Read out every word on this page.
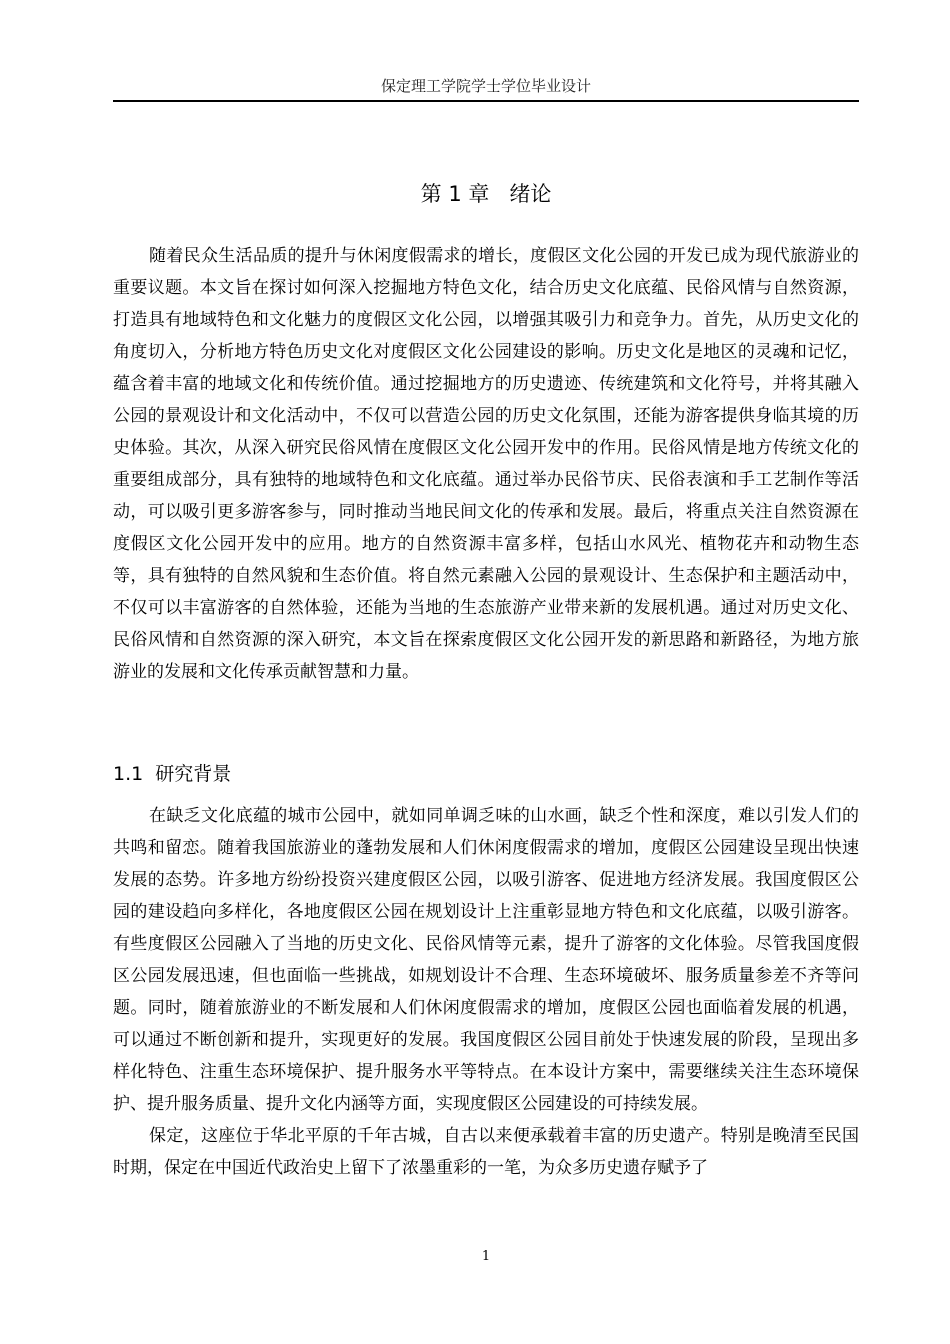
保定理工学院学士学位毕业设计
第 1 章 绪论

随着民众生活品质的提升与休闲度假需求的增长，度假区文化公园的开发已成为现代旅游业的重要议题。本文旨在探讨如何深入挖掘地方特色文化，结合历史文化底蕴、民俗风情与自然资源，打造具有地域特色和文化魅力的度假区文化公园，以增强其吸引力和竞争力。首先，从历史文化的角度切入，分析地方特色历史文化对度假区文化公园建设的影响。历史文化是地区的灵魂和记忆，蕴含着丰富的地域文化和传统价值。通过挖掘地方的历史遗迹、传统建筑和文化符号，并将其融入公园的景观设计和文化活动中，不仅可以营造公园的历史文化氛围，还能为游客提供身临其境的历史体验。其次，从深入研究民俗风情在度假区文化公园开发中的作用。民俗风情是地方传统文化的重要组成部分，具有独特的地域特色和文化底蕴。通过举办民俗节庆、民俗表演和手工艺制作等活动，可以吸引更多游客参与，同时推动当地民间文化的传承和发展。最后，将重点关注自然资源在度假区文化公园开发中的应用。地方的自然资源丰富多样，包括山水风光、植物花卉和动物生态等，具有独特的自然风貌和生态价值。将自然元素融入公园的景观设计、生态保护和主题活动中，不仅可以丰富游客的自然体验，还能为当地的生态旅游产业带来新的发展机遇。通过对历史文化、民俗风情和自然资源的深入研究，本文旨在探索度假区文化公园开发的新思路和新路径，为地方旅游业的发展和文化传承贡献智慧和力量。

1.1 研究背景

在缺乏文化底蕴的城市公园中，就如同单调乏味的山水画，缺乏个性和深度，难以引发人们的共鸣和留恋。随着我国旅游业的蓬勃发展和人们休闲度假需求的增加，度假区公园建设呈现出快速发展的态势。许多地方纷纷投资兴建度假区公园，以吸引游客、促进地方经济发展。我国度假区公园的建设趋向多样化，各地度假区公园在规划设计上注重彰显地方特色和文化底蕴，以吸引游客。有些度假区公园融入了当地的历史文化、民俗风情等元素，提升了游客的文化体验。尽管我国度假区公园发展迅速，但也面临一些挑战，如规划设计不合理、生态环境破坏、服务质量参差不齐等问题。同时，随着旅游业的不断发展和人们休闲度假需求的增加，度假区公园也面临着发展的机遇，可以通过不断创新和提升，实现更好的发展。我国度假区公园目前处于快速发展的阶段，呈现出多样化特色、注重生态环境保护、提升服务水平等特点。在本设计方案中，需要继续关注生态环境保护、提升服务质量、提升文化内涵等方面，实现度假区公园建设的可持续发展。

保定，这座位于华北平原的千年古城，自古以来便承载着丰富的历史遗产。特别是晚清至民国时期，保定在中国近代政治史上留下了浓墨重彩的一笔，为众多历史遗存赋予了

1
